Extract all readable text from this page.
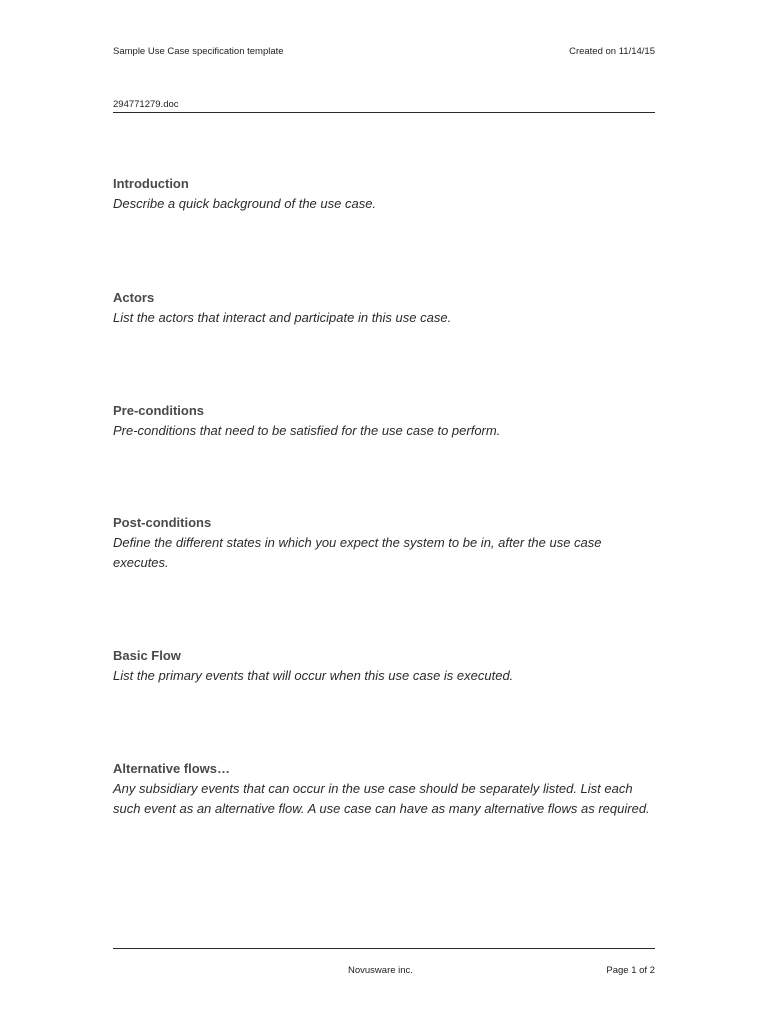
Sample Use Case specification template	Created on 11/14/15
294771279.doc
Introduction

Describe a quick background of the use case.

Actors

List the actors that interact and participate in this use case.

Pre-conditions

Pre-conditions that need to be satisfied for the use case to perform.

Post-conditions

Define the different states in which you expect the system to be in, after the use case executes.

Basic Flow

List the primary events that will occur when this use case is executed.

Alternative flows…

Any subsidiary events that can occur in the use case should be separately listed. List each such event as an alternative flow. A use case can have as many alternative flows as required.

Novusware inc.	Page 1 of 2
